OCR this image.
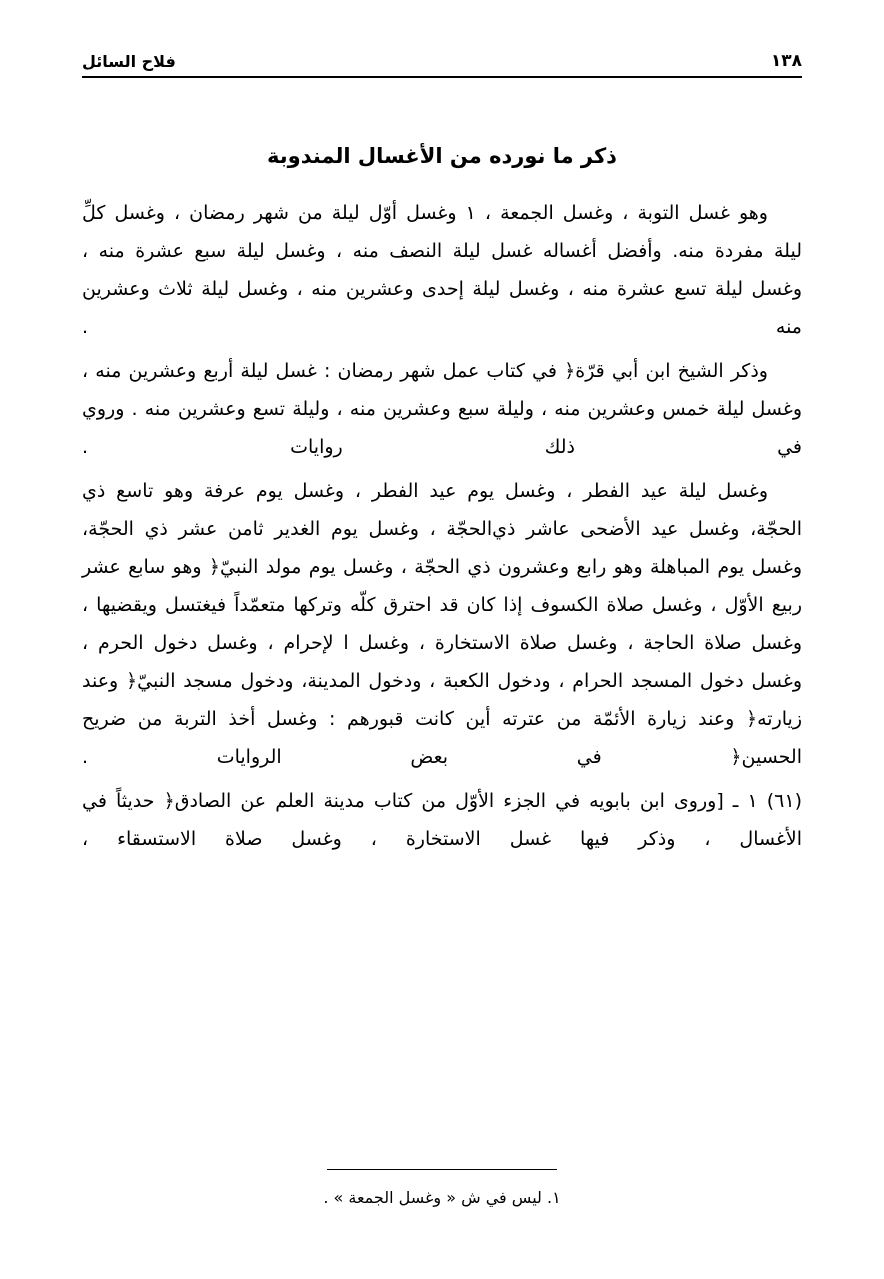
فلاح السائل	١٣٨
ذكر ما نورده من الأغسال المندوبة

وهو غسل التوبة ، وغسل الجمعة ، ١ وغسل أوّل ليلة من شهر رمضان ، وغسل كلِّ ليلة مفردة منه. وأفضل أغساله غسل ليلة النصف منه ، وغسل ليلة سبع عشرة منه ، وغسل ليلة تسع عشرة منه ، وغسل ليلة إحدى وعشرين منه ، وغسل ليلة ثلاث وعشرين منه .

وذكر الشيخ ابن أبي قرّة﴿ في كتاب عمل شهر رمضان : غسل ليلة أربع وعشرين منه ، وغسل ليلة خمس وعشرين منه ، وليلة سبع وعشرين منه ، وليلة تسع وعشرين منه . وروي في ذلك روايات .

وغسل ليلة عيد الفطر ، وغسل يوم عيد الفطر ، وغسل يوم عرفة وهو تاسع ذي الحجّة، وغسل عيد الأضحى عاشر ذي‌الحجّة ، وغسل يوم الغدير ثامن عشر ذي الحجّة، وغسل يوم المباهلة وهو رابع وعشرون ذي الحجّة ، وغسل يوم مولد النبيّ﴿ وهو سابع عشر ربيع الأوّل ، وغسل صلاة الكسوف إذا كان قد احترق كلّه وتركها متعمّداً فيغتسل ويقضيها ، وغسل صلاة الحاجة ، وغسل صلاة الاستخارة ، وغسل ا لإحرام ، وغسل دخول الحرم ، وغسل دخول المسجد الحرام ، ودخول الكعبة ، ودخول المدينة، ودخول مسجد النبيّ﴿ وعند زيارته﴿ وعند زيارة الأئمّة من عترته أين كانت قبورهم : وغسل أخذ التربة من ضريح الحسين﴿ في بعض الروايات .

(٦١) ١ ـ [وروى ابن بابويه في الجزء الأوّل من كتاب مدينة العلم عن الصادق﴿ حديثاً في الأغسال ، وذكر فيها غسل الاستخارة ، وغسل صلاة الاستسقاء ،

١. ليس في ش « وغسل الجمعة » .
